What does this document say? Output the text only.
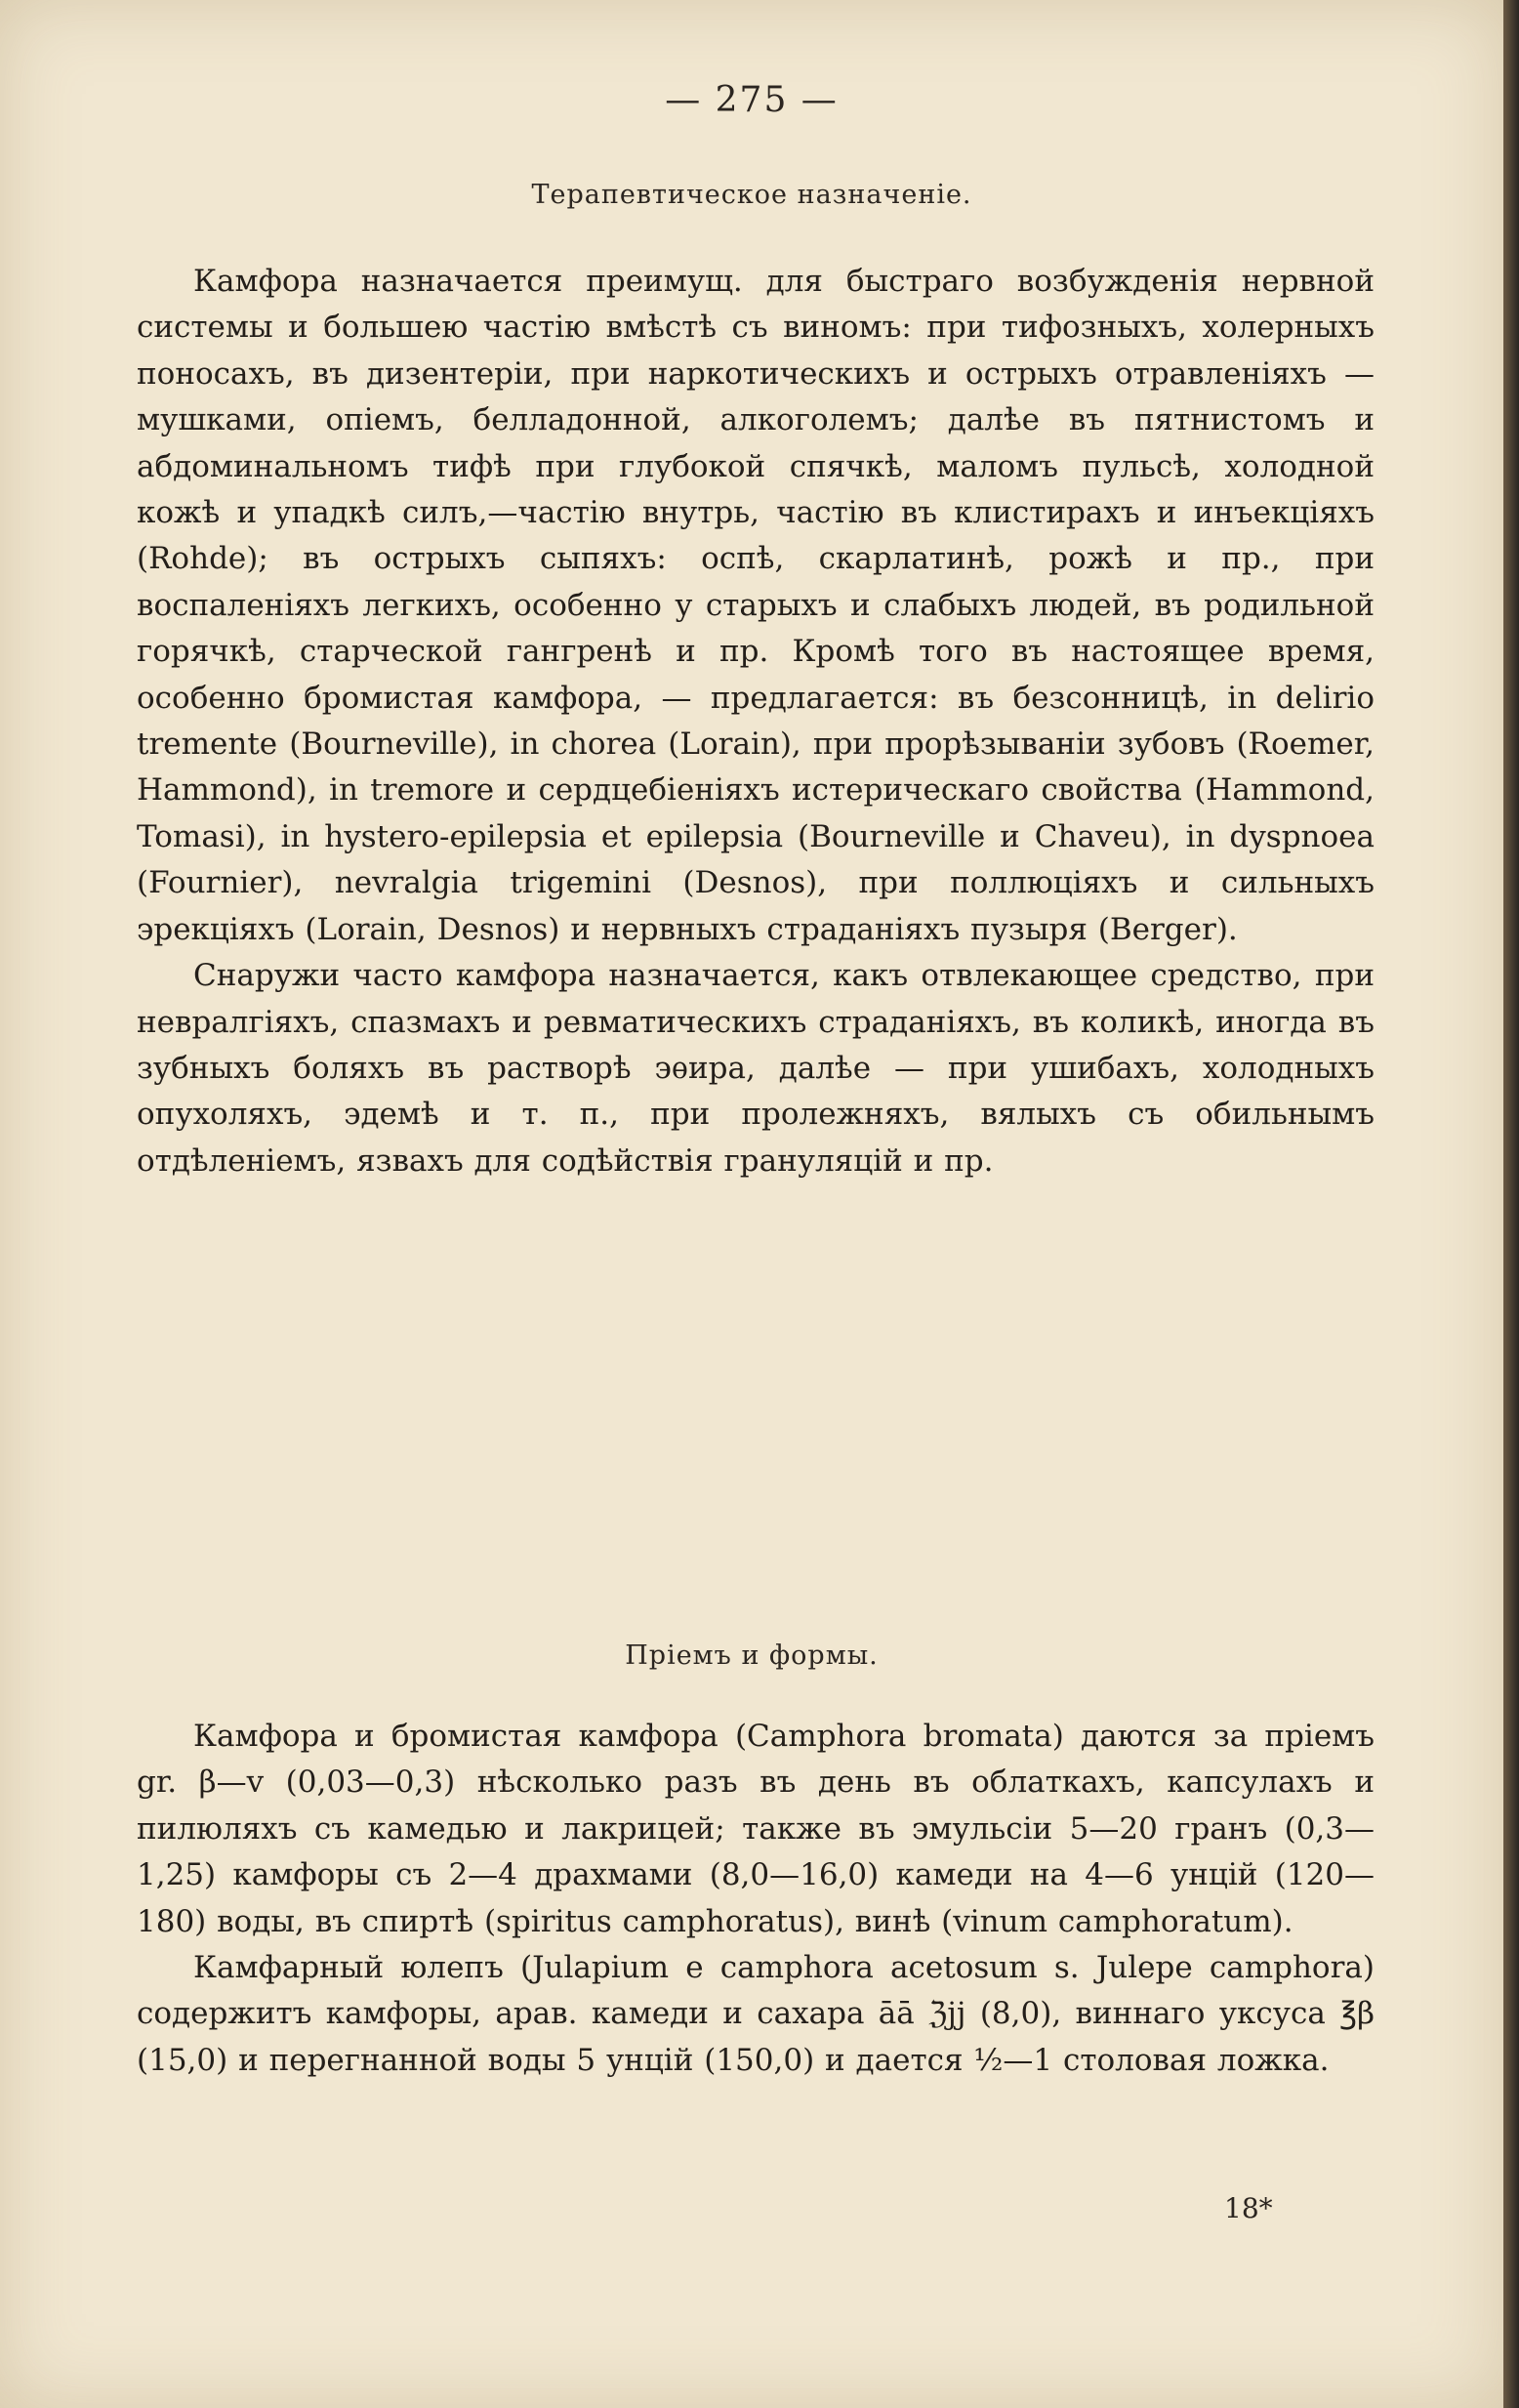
— 275 —
Терапевтическое назначеніе.

Камфора назначается преимущ. для быстраго возбужденія нервной системы и большею частію вмѣстѣ съ виномъ: при тифозныхъ, холерныхъ поносахъ, въ дизентеріи, при наркотическихъ и острыхъ отравленіяхъ — мушками, опіемъ, белладонной, алкоголемъ; далѣе въ пятнистомъ и абдоминальномъ тифѣ при глубокой спячкѣ, маломъ пульсѣ, холодной кожѣ и упадкѣ силъ,—частію внутрь, частію въ клистирахъ и инъекціяхъ (Rohde); въ острыхъ сыпяхъ: оспѣ, скарлатинѣ, рожѣ и пр., при воспаленіяхъ легкихъ, особенно у старыхъ и слабыхъ людей, въ родильной горячкѣ, старческой гангренѣ и пр. Кромѣ того въ настоящее время, особенно бромистая камфора, — предлагается: въ безсонницѣ, in delirio tremente (Bourneville), in chorea (Lorain), при прорѣзываніи зубовъ (Roemer, Hammond), in tremore и сердцебіеніяхъ истерическаго свойства (Hammond, Tomasi), in hystero-epilepsia et epilepsia (Bourneville и Chaveu), in dyspnoea (Fournier), nevralgia trigemini (Desnos), при поллюціяхъ и сильныхъ эрекціяхъ (Lorain, Desnos) и нервныхъ страданіяхъ пузыря (Berger).

Снаружи часто камфора назначается, какъ отвлекающее средство, при невралгіяхъ, спазмахъ и ревматическихъ страданіяхъ, въ коликѣ, иногда въ зубныхъ боляхъ въ растворѣ эѳира, далѣе — при ушибахъ, холодныхъ опухоляхъ, эдемѣ и т. п., при пролежняхъ, вялыхъ съ обильнымъ отдѣленіемъ, язвахъ для содѣйствія грануляцій и пр.

Пріемъ и формы.

Камфора и бромистая камфора (Camphora bromata) даются за пріемъ gr. β—v (0,03—0,3) нѣсколько разъ въ день въ облаткахъ, капсулахъ и пилюляхъ съ камедью и лакрицей; также въ эмульсіи 5—20 гранъ (0,3—1,25) камфоры съ 2—4 драхмами (8,0—16,0) камеди на 4—6 унцій (120—180) воды, въ спиртѣ (spiritus camphoratus), винѣ (vinum camphoratum).

Камфарный юлепъ (Julapium e camphora acetosum s. Julepe camphora) содержитъ камфоры, арав. камеди и сахара āā ℨjj (8,0), виннаго уксуса ℥β (15,0) и перегнанной воды 5 унцій (150,0) и дается ½—1 столовая ложка.

18*
